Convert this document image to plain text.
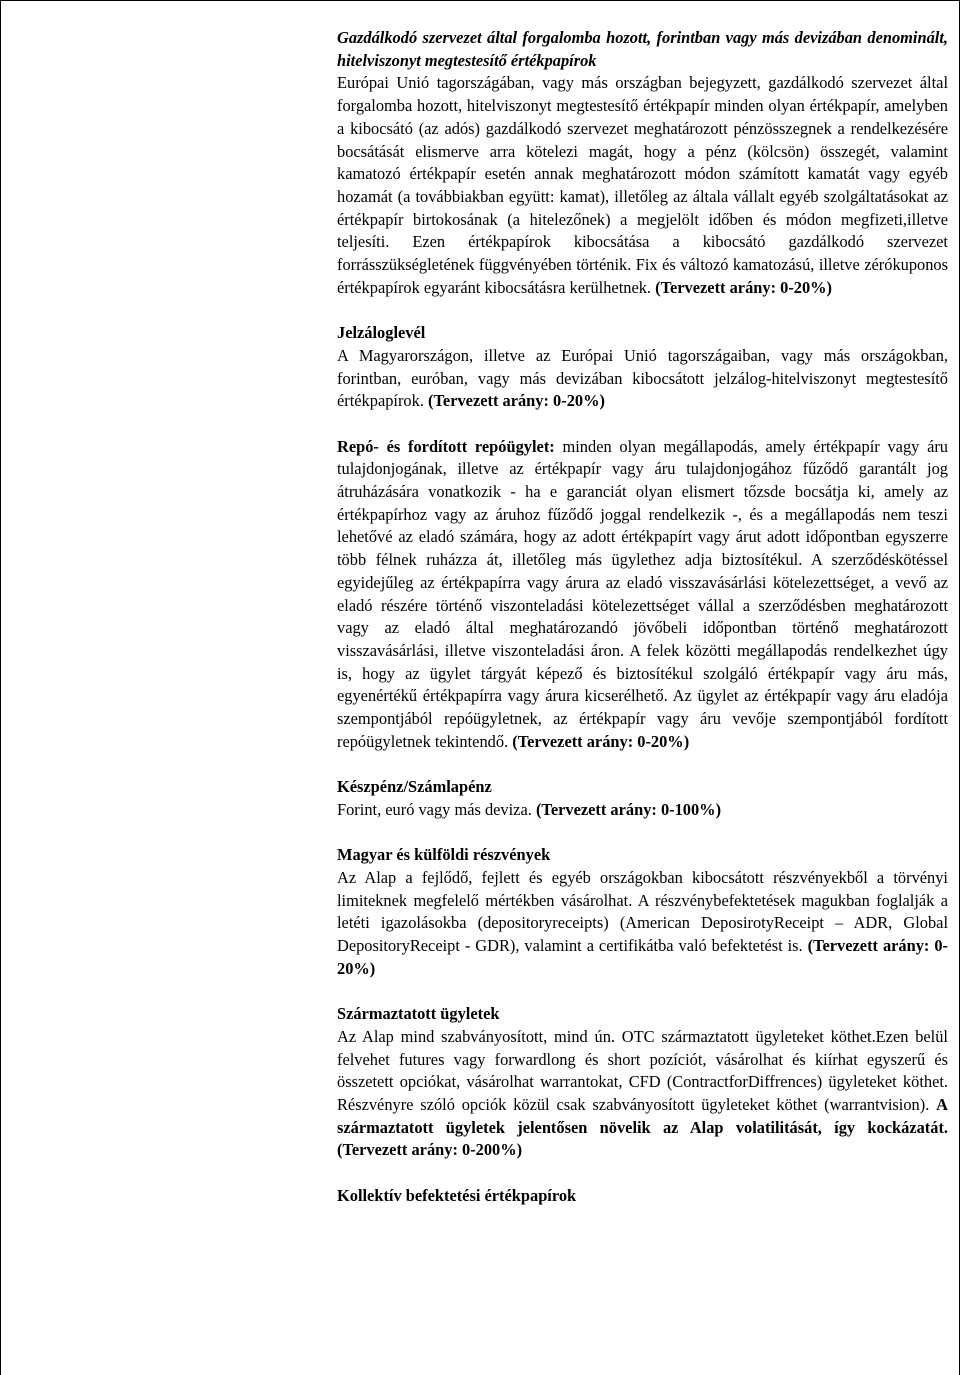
Gazdálkodó szervezet által forgalomba hozott, forintban vagy más devizában denominált, hitelviszonyt megtestesítő értékpapírok
Európai Unió tagországában, vagy más országban bejegyzett, gazdálkodó szervezet által forgalomba hozott, hitelviszonyt megtestesítő értékpapír minden olyan értékpapír, amelyben a kibocsátó (az adós) gazdálkodó szervezet meghatározott pénzösszegnek a rendelkezésére bocsátását elismerve arra kötelezi magát, hogy a pénz (kölcsön) összegét, valamint kamatozó értékpapír esetén annak meghatározott módon számított kamatát vagy egyéb hozamát (a továbbiakban együtt: kamat), illetőleg az általa vállalt egyéb szolgáltatásokat az értékpapír birtokosának (a hitelezőnek) a megjelölt időben és módon megfizeti,illetve teljesíti. Ezen értékpapírok kibocsátása a kibocsátó gazdálkodó szervezet forrásszükségletének függvényében történik. Fix és változó kamatozású, illetve zérókuponos értékpapírok egyaránt kibocsátásra kerülhetnek. (Tervezett arány: 0-20%)

Jelzáloglevél
A Magyarországon, illetve az Európai Unió tagországaiban, vagy más országokban, forintban, euróban, vagy más devizában kibocsátott jelzálog-hitelviszonyt megtestesítő értékpapírok. (Tervezett arány: 0-20%)

Repó- és fordított repóügylet: minden olyan megállapodás, amely értékpapír vagy áru tulajdonjogának, illetve az értékpapír vagy áru tulajdonjogához fűződő garantált jog átruházására vonatkozik - ha e garanciát olyan elismert tőzsde bocsátja ki, amely az értékpapírhoz vagy az áruhoz fűződő joggal rendelkezik -, és a megállapodás nem teszi lehetővé az eladó számára, hogy az adott értékpapírt vagy árut adott időpontban egyszerre több félnek ruházza át, illetőleg más ügylethez adja biztosítékul. A szerződéskötéssel egyidejűleg az értékpapírra vagy árura az eladó visszavásárlási kötelezettséget, a vevő az eladó részére történő viszonteladási kötelezettséget vállal a szerződésben meghatározott vagy az eladó által meghatározandó jövőbeli időpontban történő meghatározott visszavásárlási, illetve viszonteladási áron. A felek közötti megállapodás rendelkezhet úgy is, hogy az ügylet tárgyát képező és biztosítékul szolgáló értékpapír vagy áru más, egyenértékű értékpapírra vagy árura kicserélhető. Az ügylet az értékpapír vagy áru eladója szempontjából repóügyletnek, az értékpapír vagy áru vevője szempontjából fordított repóügyletnek tekintendő. (Tervezett arány: 0-20%)

Készpénz/Számlapénz
Forint, euró vagy más deviza. (Tervezett arány: 0-100%)

Magyar és külföldi részvények
Az Alap a fejlődő, fejlett és egyéb országokban kibocsátott részvényekből a törvényi limiteknek megfelelő mértékben vásárolhat. A részvénybefektetések magukban foglalják a letéti igazolásokba (depositoryreceipts) (American DeposirotyReceipt – ADR, Global DepositoryReceipt - GDR), valamint a certifikátba való befektetést is. (Tervezett arány: 0-20%)

Származtatott ügyletek
Az Alap mind szabványosított, mind ún. OTC származtatott ügyleteket köthet.Ezen belül felvehet futures vagy forwardlong és short pozíciót, vásárolhat és kiírhat egyszerű és összetett opciókat, vásárolhat warrantokat, CFD (ContractforDiffrences) ügyleteket köthet. Részvényre szóló opciók közül csak szabványosított ügyleteket köthet (warrantvision). A származtatott ügyletek jelentősen növelik az Alap volatilitását, így kockázatát. (Tervezett arány: 0-200%)

Kollektív befektetési értékpapírok
